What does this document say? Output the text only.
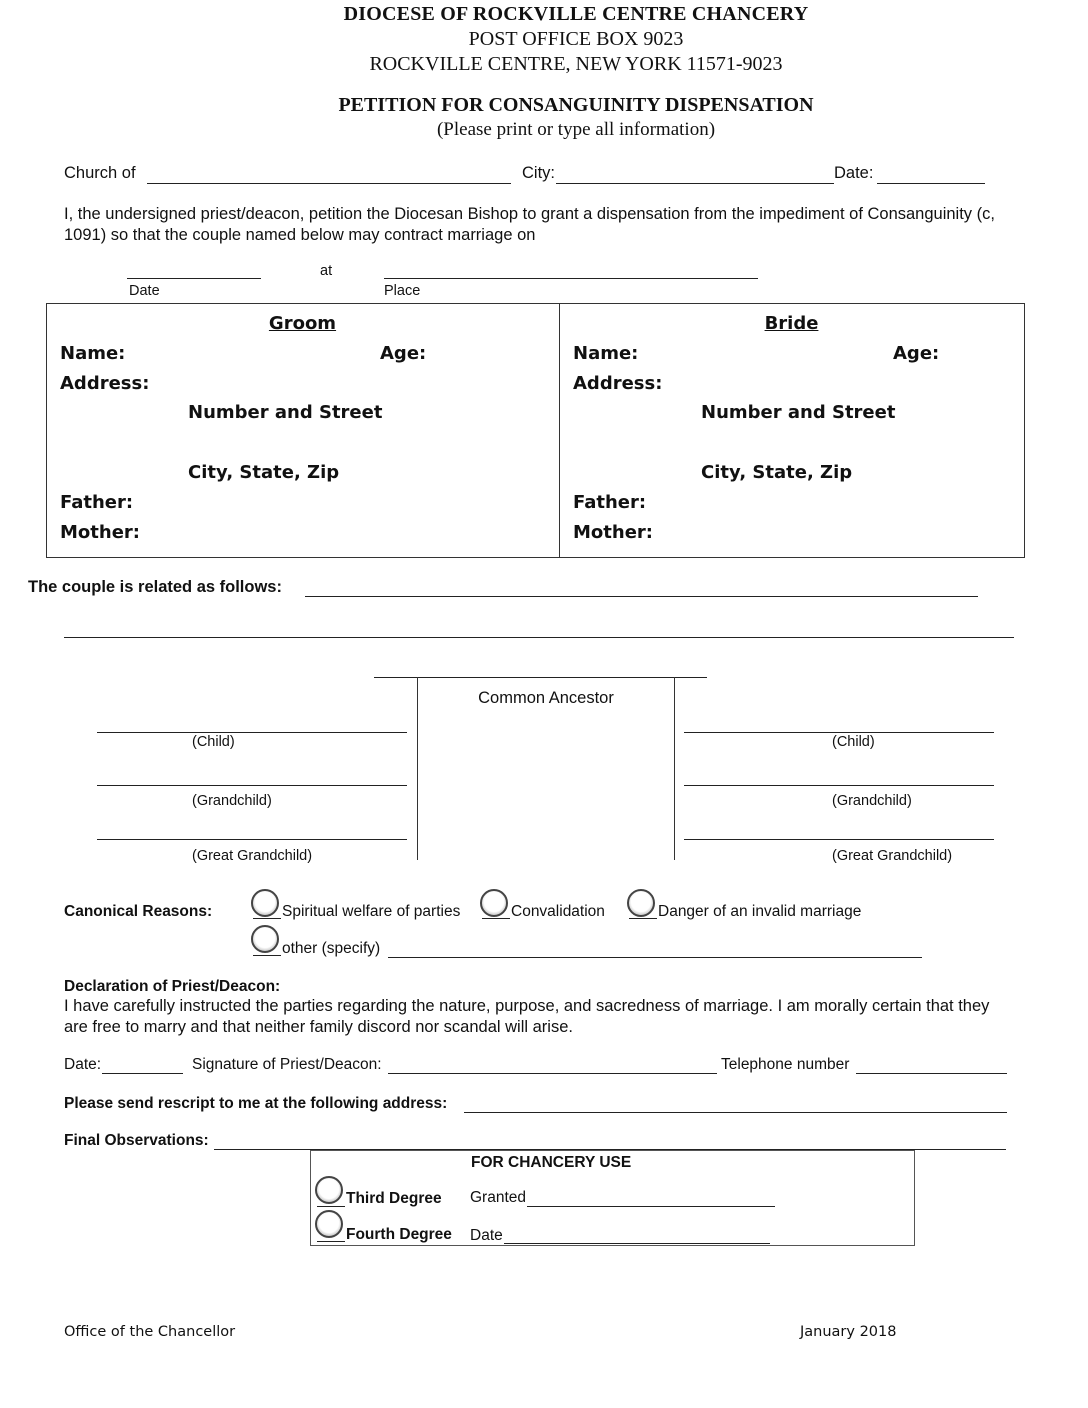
DIOCESE OF ROCKVILLE CENTRE CHANCERY
POST OFFICE BOX 9023
ROCKVILLE CENTRE, NEW YORK 11571-9023
PETITION FOR CONSANGUINITY DISPENSATION
(Please print or type all information)
Church of	City:	Date:
I, the undersigned priest/deacon, petition the Diocesan Bishop to grant a dispensation from the impediment of Consanguinity (c,
1091) so that the couple named below may contract marriage on
at
Date	Place
Groom
Name:	Age:
Address:
Number and Street
City, State, Zip
Father:
Mother:
Bride
Name:	Age:
Address:
Number and Street
City, State, Zip
Father:
Mother:
The couple is related as follows:
Common Ancestor
(Child)
(Grandchild)
(Great Grandchild)
(Child)
(Grandchild)
(Great Grandchild)
Canonical Reasons:	Spiritual welfare of parties	Convalidation	Danger of an invalid marriage
other (specify)
Declaration of Priest/Deacon:
I have carefully instructed the parties regarding the nature, purpose, and sacredness of marriage. I am morally certain that they
are free to marry and that neither family discord nor scandal will arise.
Date:	Signature of Priest/Deacon:	Telephone number
Please send rescript to me at the following address:
Final Observations:
FOR CHANCERY USE
Third Degree Granted
Fourth Degree Date
Office of the Chancellor	January 2018
